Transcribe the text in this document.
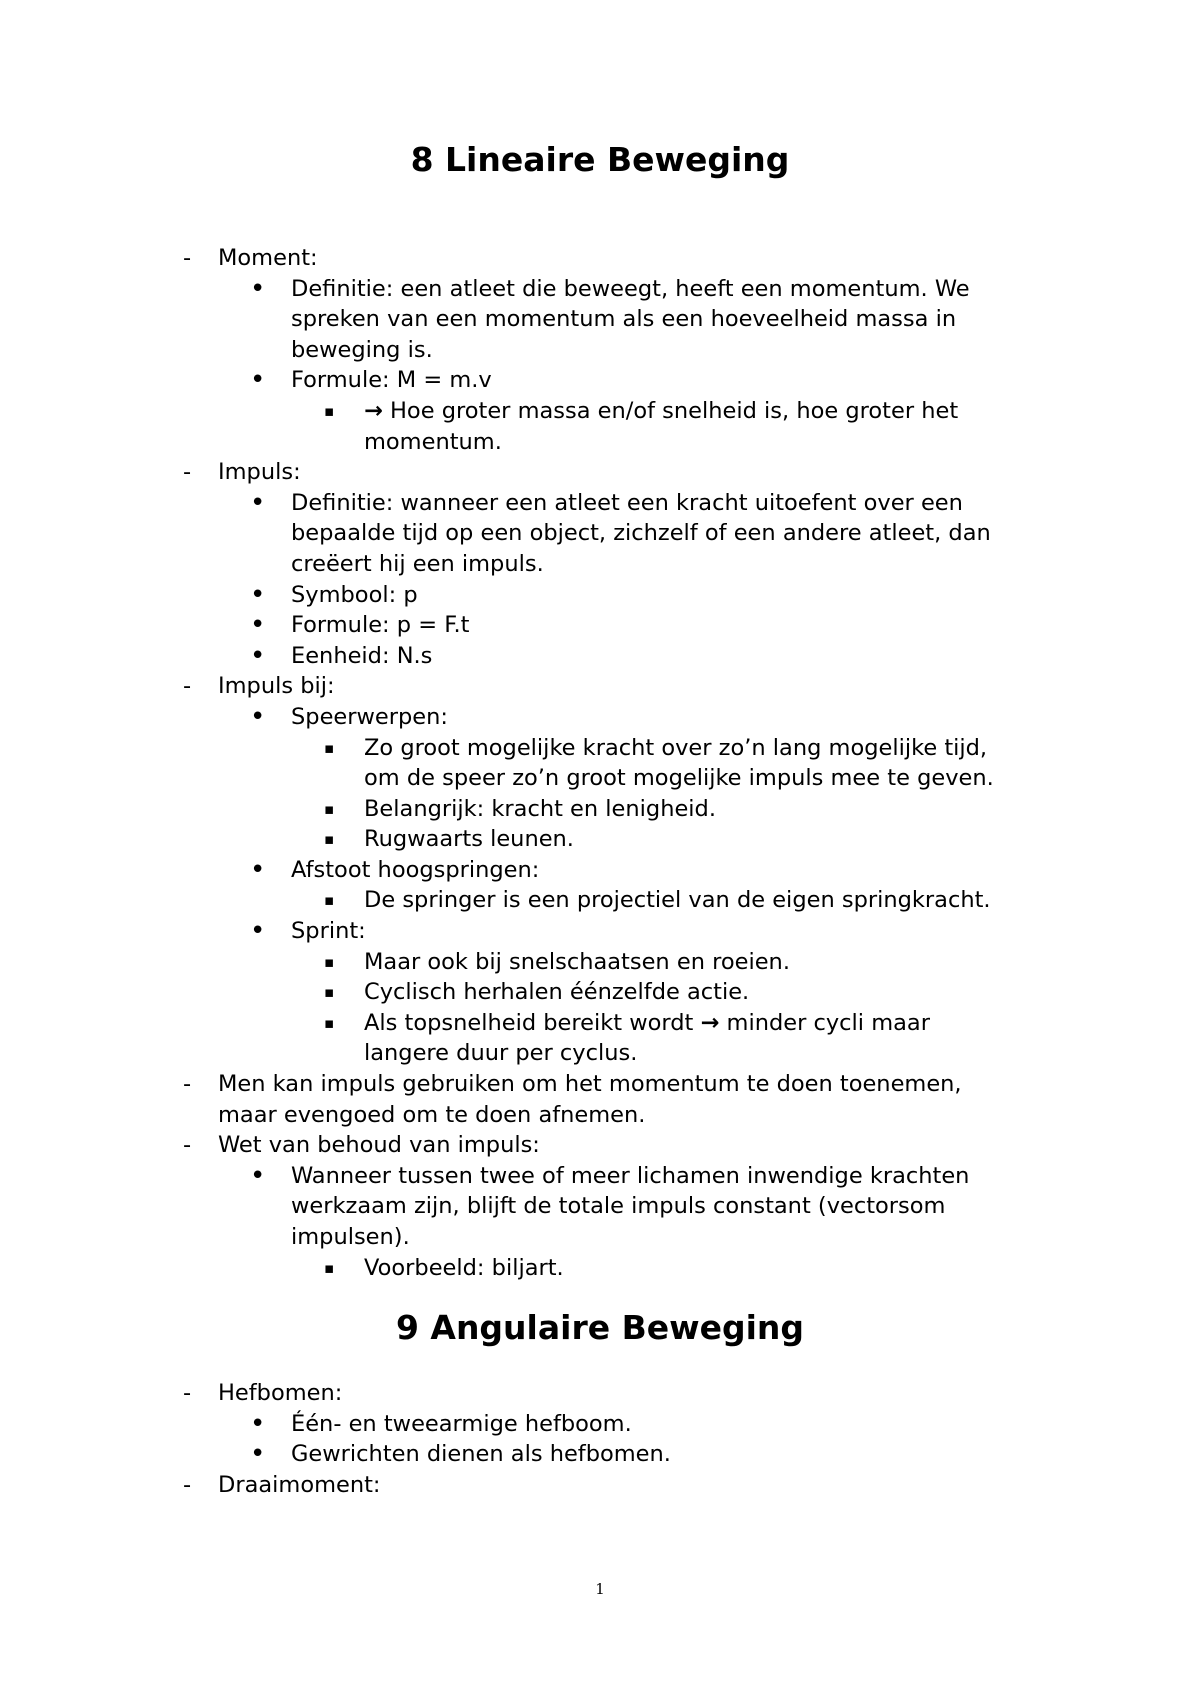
8 Lineaire Beweging
- Moment:
• Definitie: een atleet die beweegt, heeft een momentum. We
spreken van een momentum als een hoeveelheid massa in
beweging is.
• Formule: M = m.v
▪ → Hoe groter massa en/of snelheid is, hoe groter het
momentum.
- Impuls:
• Definitie: wanneer een atleet een kracht uitoefent over een
bepaalde tijd op een object, zichzelf of een andere atleet, dan
creëert hij een impuls.
• Symbool: p
• Formule: p = F.t
• Eenheid: N.s
- Impuls bij:
• Speerwerpen:
▪ Zo groot mogelijke kracht over zo’n lang mogelijke tijd,
om de speer zo’n groot mogelijke impuls mee te geven.
▪ Belangrijk: kracht en lenigheid.
▪ Rugwaarts leunen.
• Afstoot hoogspringen:
▪ De springer is een projectiel van de eigen springkracht.
• Sprint:
▪ Maar ook bij snelschaatsen en roeien.
▪ Cyclisch herhalen éénzelfde actie.
▪ Als topsnelheid bereikt wordt → minder cycli maar
langere duur per cyclus.
- Men kan impuls gebruiken om het momentum te doen toenemen,
maar evengoed om te doen afnemen.
- Wet van behoud van impuls:
• Wanneer tussen twee of meer lichamen inwendige krachten
werkzaam zijn, blijft de totale impuls constant (vectorsom
impulsen).
▪ Voorbeeld: biljart.
9 Angulaire Beweging
- Hefbomen:
• Één- en tweearmige hefboom.
• Gewrichten dienen als hefbomen.
- Draaimoment:
1
